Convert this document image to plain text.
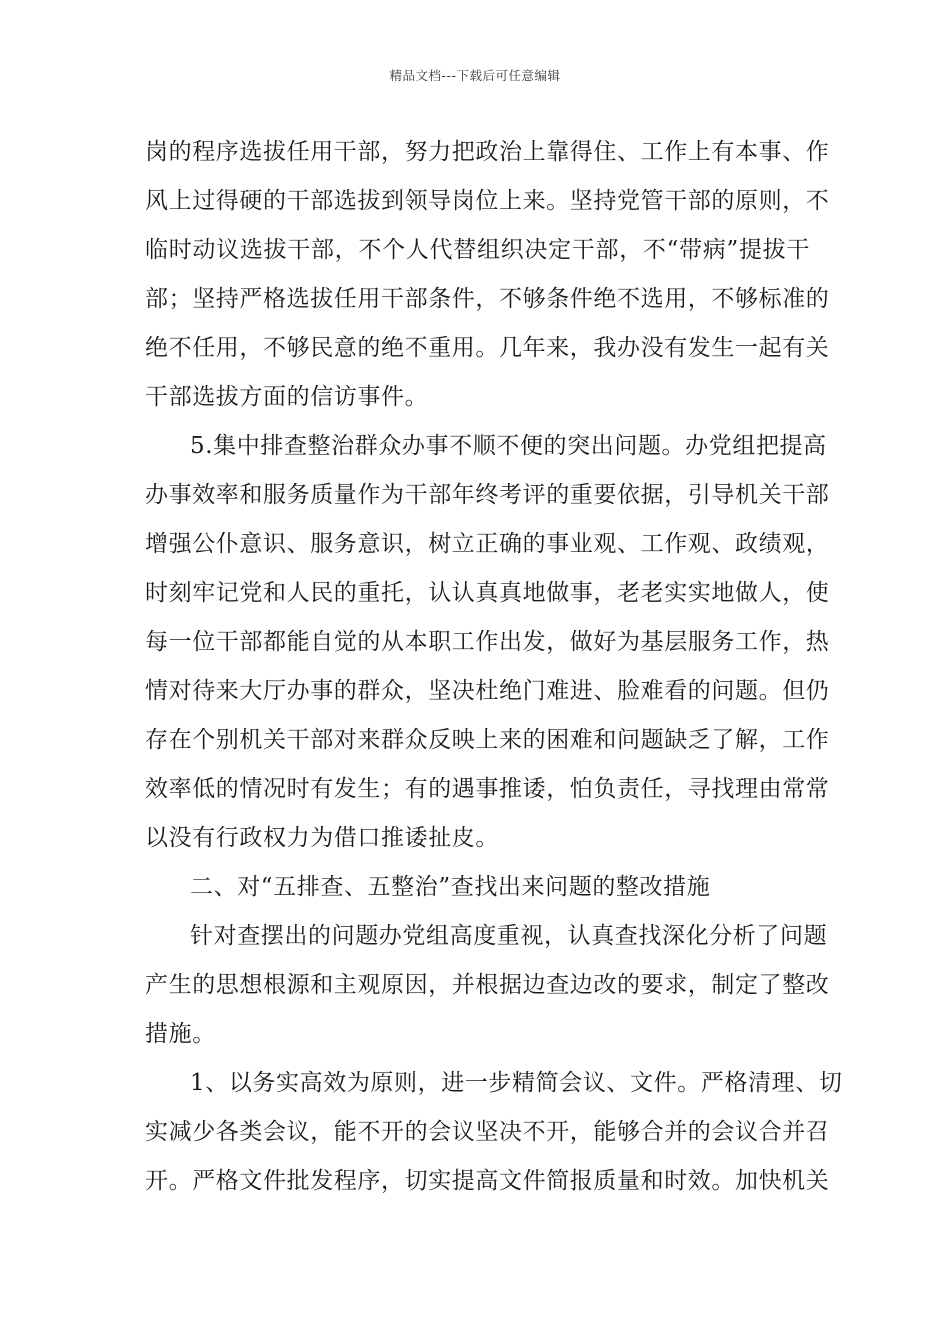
精品文档---下载后可任意编辑
岗的程序选拔任用干部，努力把政治上靠得住、工作上有本事、作
风上过得硬的干部选拔到领导岗位上来。坚持党管干部的原则，不
临时动议选拔干部，不个人代替组织决定干部，不“带病”提拔干
部；坚持严格选拔任用干部条件，不够条件绝不选用，不够标准的
绝不任用，不够民意的绝不重用。几年来，我办没有发生一起有关
干部选拔方面的信访事件。
5.集中排查整治群众办事不顺不便的突出问题。办党组把提高
办事效率和服务质量作为干部年终考评的重要依据，引导机关干部
增强公仆意识、服务意识，树立正确的事业观、工作观、政绩观，
时刻牢记党和人民的重托，认认真真地做事，老老实实地做人，使
每一位干部都能自觉的从本职工作出发，做好为基层服务工作，热
情对待来大厅办事的群众，坚决杜绝门难进、脸难看的问题。但仍
存在个别机关干部对来群众反映上来的困难和问题缺乏了解，工作
效率低的情况时有发生；有的遇事推诿，怕负责任，寻找理由常常
以没有行政权力为借口推诿扯皮。
二、对“五排查、五整治”查找出来问题的整改措施
针对查摆出的问题办党组高度重视，认真查找深化分析了问题
产生的思想根源和主观原因，并根据边查边改的要求，制定了整改
措施。
1、以务实高效为原则，进一步精简会议、文件。严格清理、切
实减少各类会议，能不开的会议坚决不开，能够合并的会议合并召
开。严格文件批发程序，切实提高文件简报质量和时效。加快机关
